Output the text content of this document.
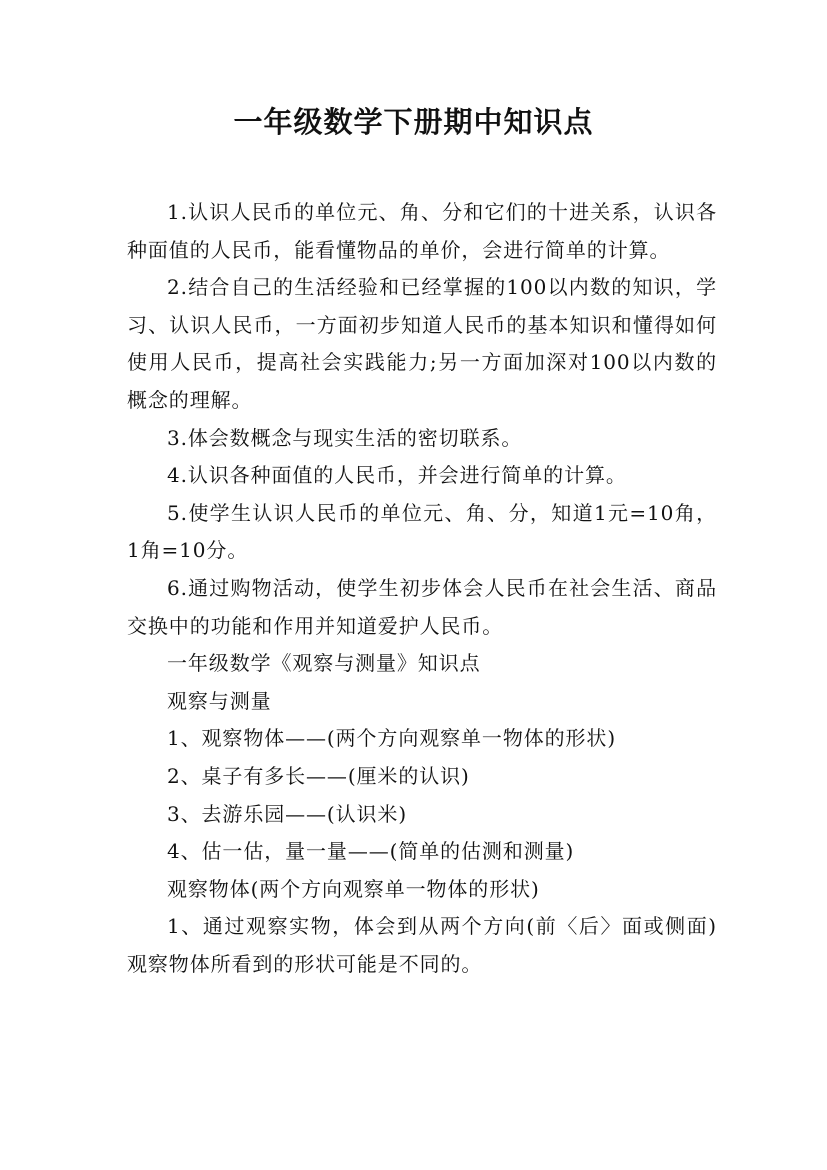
一年级数学下册期中知识点

1.认识人民币的单位元、角、分和它们的十进关系，认识各种面值的人民币，能看懂物品的单价，会进行简单的计算。

2.结合自己的生活经验和已经掌握的100以内数的知识，学习、认识人民币，一方面初步知道人民币的基本知识和懂得如何使用人民币，提高社会实践能力;另一方面加深对100以内数的概念的理解。

3.体会数概念与现实生活的密切联系。

4.认识各种面值的人民币，并会进行简单的计算。

5.使学生认识人民币的单位元、角、分，知道1元=10角，1角=10分。

6.通过购物活动，使学生初步体会人民币在社会生活、商品交换中的功能和作用并知道爱护人民币。

一年级数学《观察与测量》知识点

观察与测量

1、观察物体——(两个方向观察单一物体的形状)

2、桌子有多长——(厘米的认识)

3、去游乐园——(认识米)

4、估一估，量一量——(简单的估测和测量)

观察物体(两个方向观察单一物体的形状)

1、通过观察实物，体会到从两个方向(前〈后〉面或侧面)观察物体所看到的形状可能是不同的。
